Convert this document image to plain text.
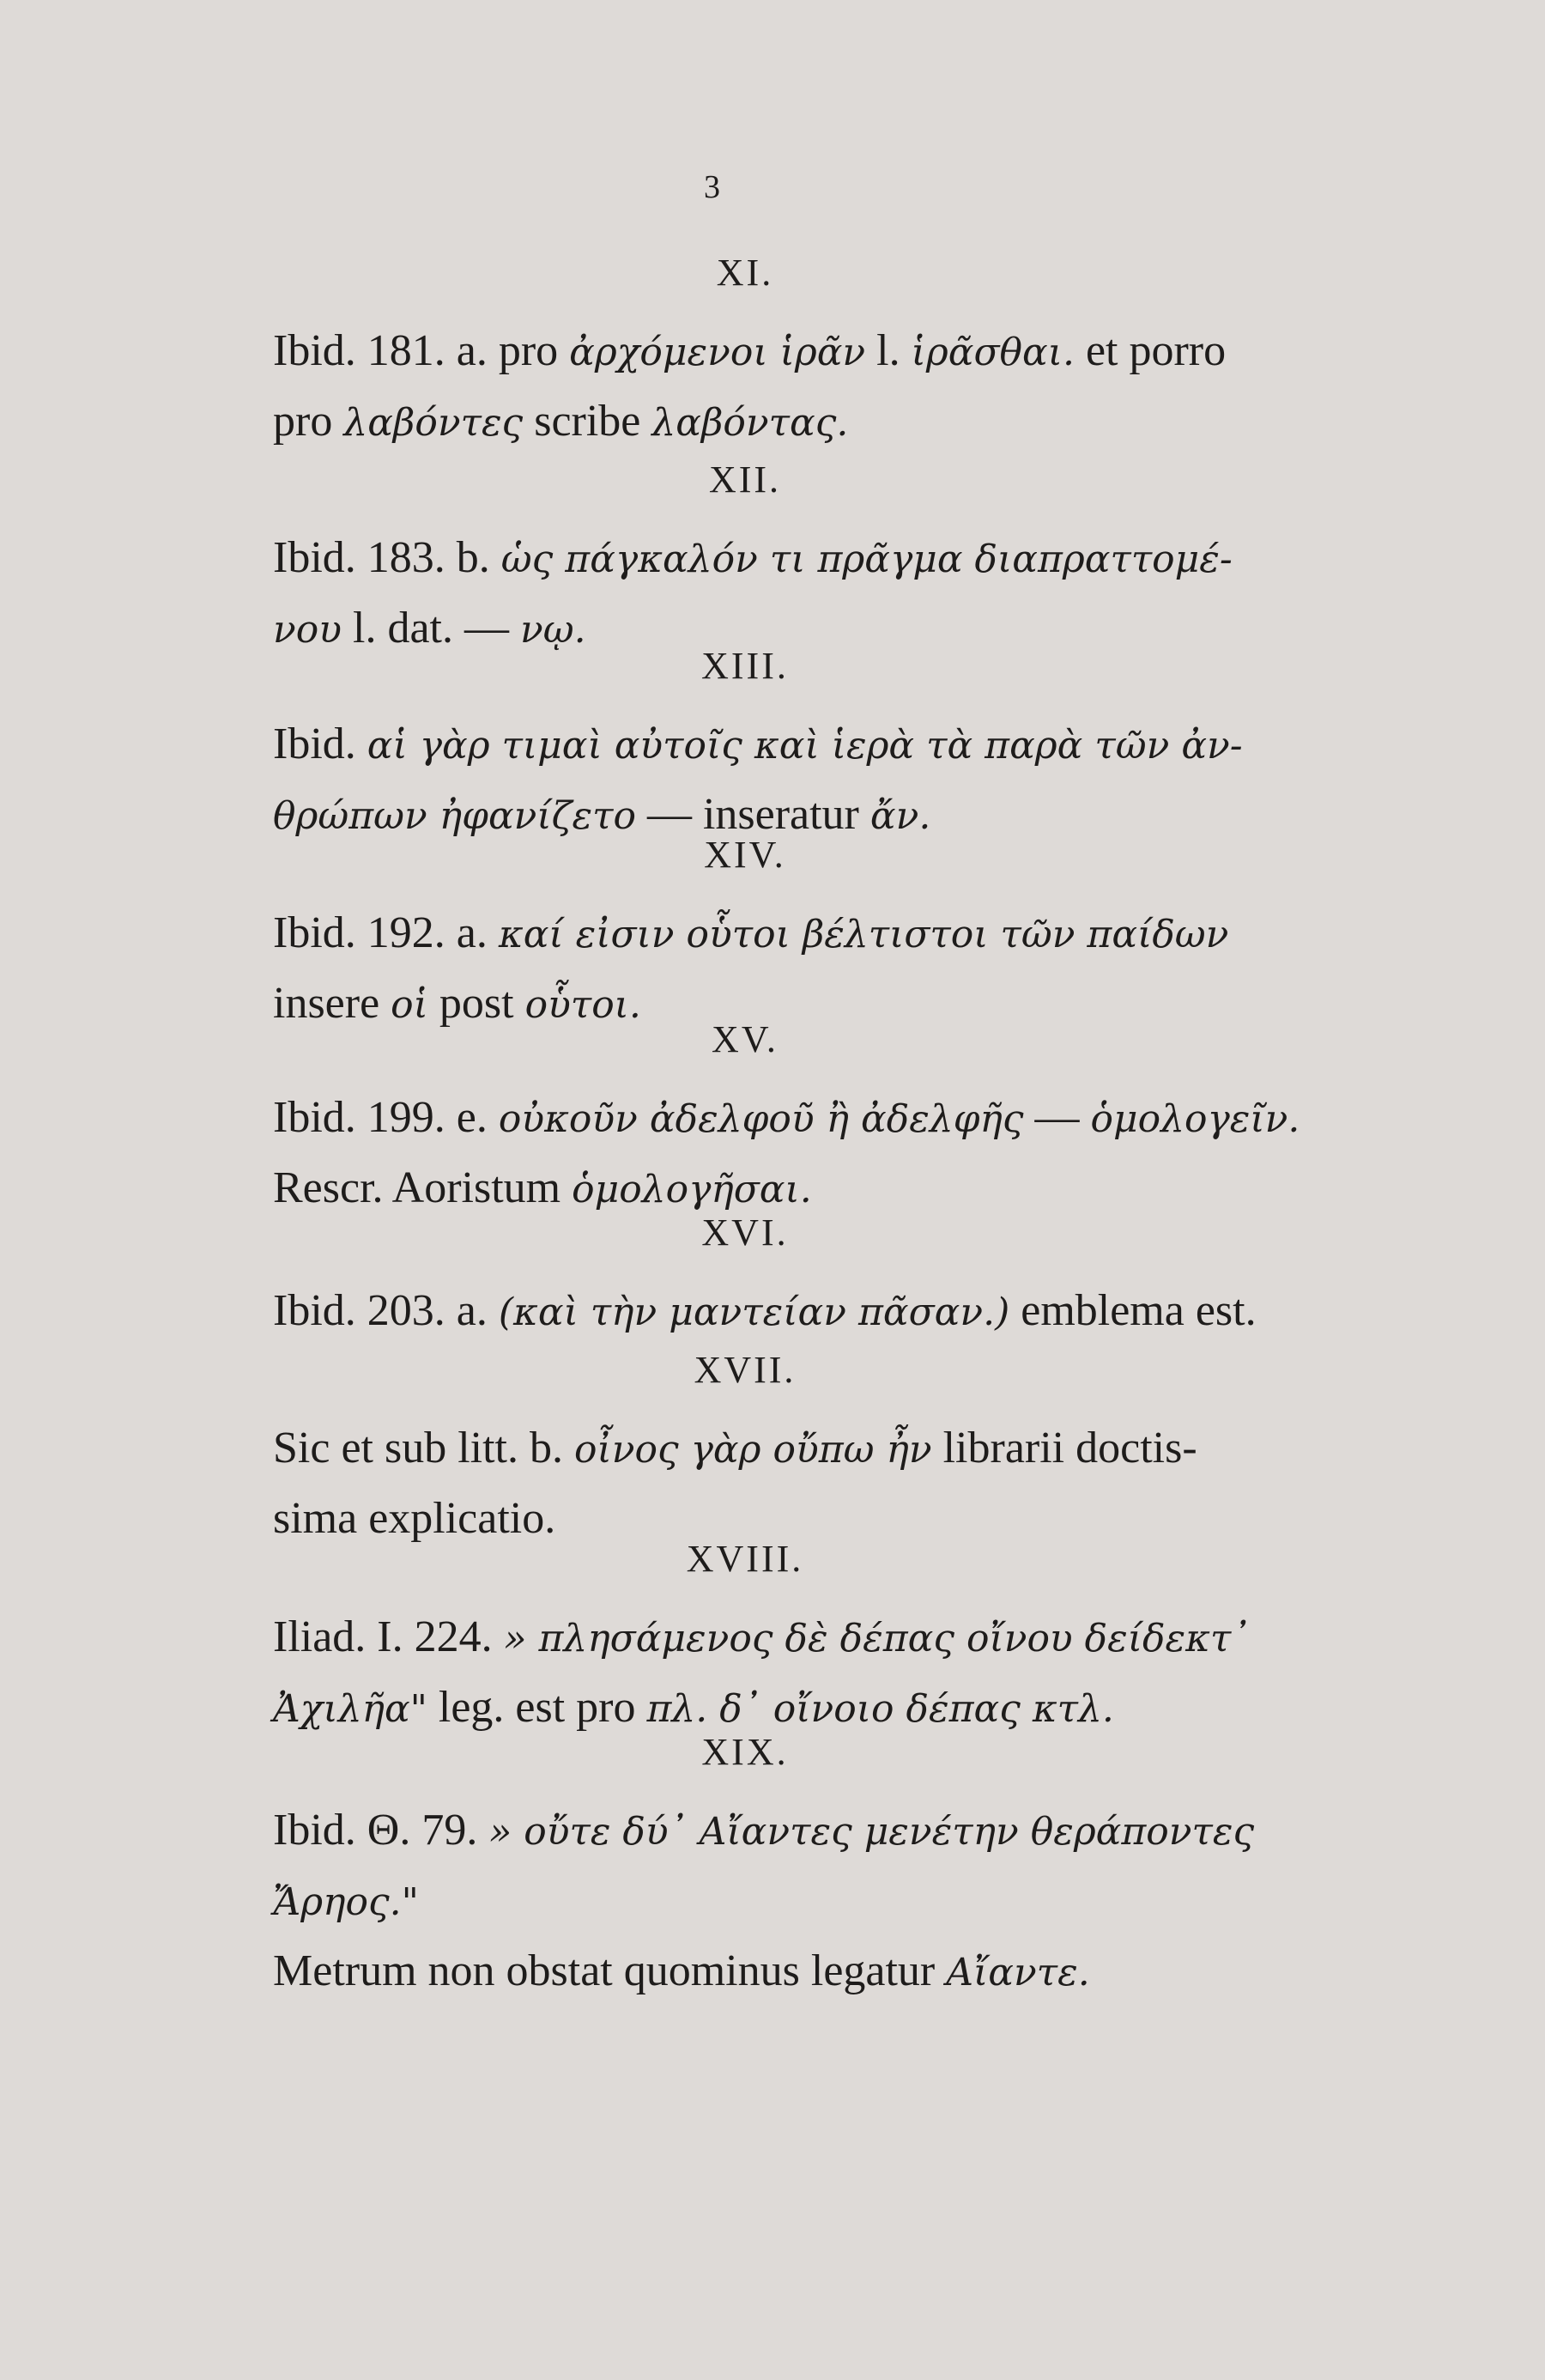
3
XI.
Ibid. 181. a. pro ἀρχόμενοι ἱρᾶν l. ἱρᾶσθαι. et porro
pro λαβόντες scribe λαβόντας.
XII.
Ibid. 183. b. ὡς πάγκαλόν τι πρᾶγμα διαπραττομέ-
νου l. dat. — νῳ.
XIII.
Ibid. αἱ γὰρ τιμαὶ αὐτοῖς καὶ ἱερὰ τὰ παρὰ τῶν ἀν-
θρώπων ἠφανίζετο — inseratur ἄν.
XIV.
Ibid. 192. a. καί εἰσιν οὗτοι βέλτιστοι τῶν παίδων
insere οἱ post οὗτοι.
XV.
Ibid. 199. e. οὐκοῦν ἀδελφοῦ ἢ ἀδελφῆς — ὁμολογεῖν.
Rescr. Aoristum ὁμολογῆσαι.
XVI.
Ibid. 203. a. (καὶ τὴν μαντείαν πᾶσαν.) emblema est.
XVII.
Sic et sub litt. b. οἶνος γὰρ οὔπω ἦν librarii doctis-
sima explicatio.
XVIII.
Iliad. I. 224. » πλησάμενος δὲ δέπας οἴνου δείδεκτ᾽
Ἀχιλῆα" leg. est pro πλ. δ᾽ οἴνοιο δέπας κτλ.
XIX.
Ibid. Θ. 79. » οὔτε δύ᾽ Αἴαντες μενέτην θεράποντες
Ἄρηος."
Metrum non obstat quominus legatur Αἴαντε.
